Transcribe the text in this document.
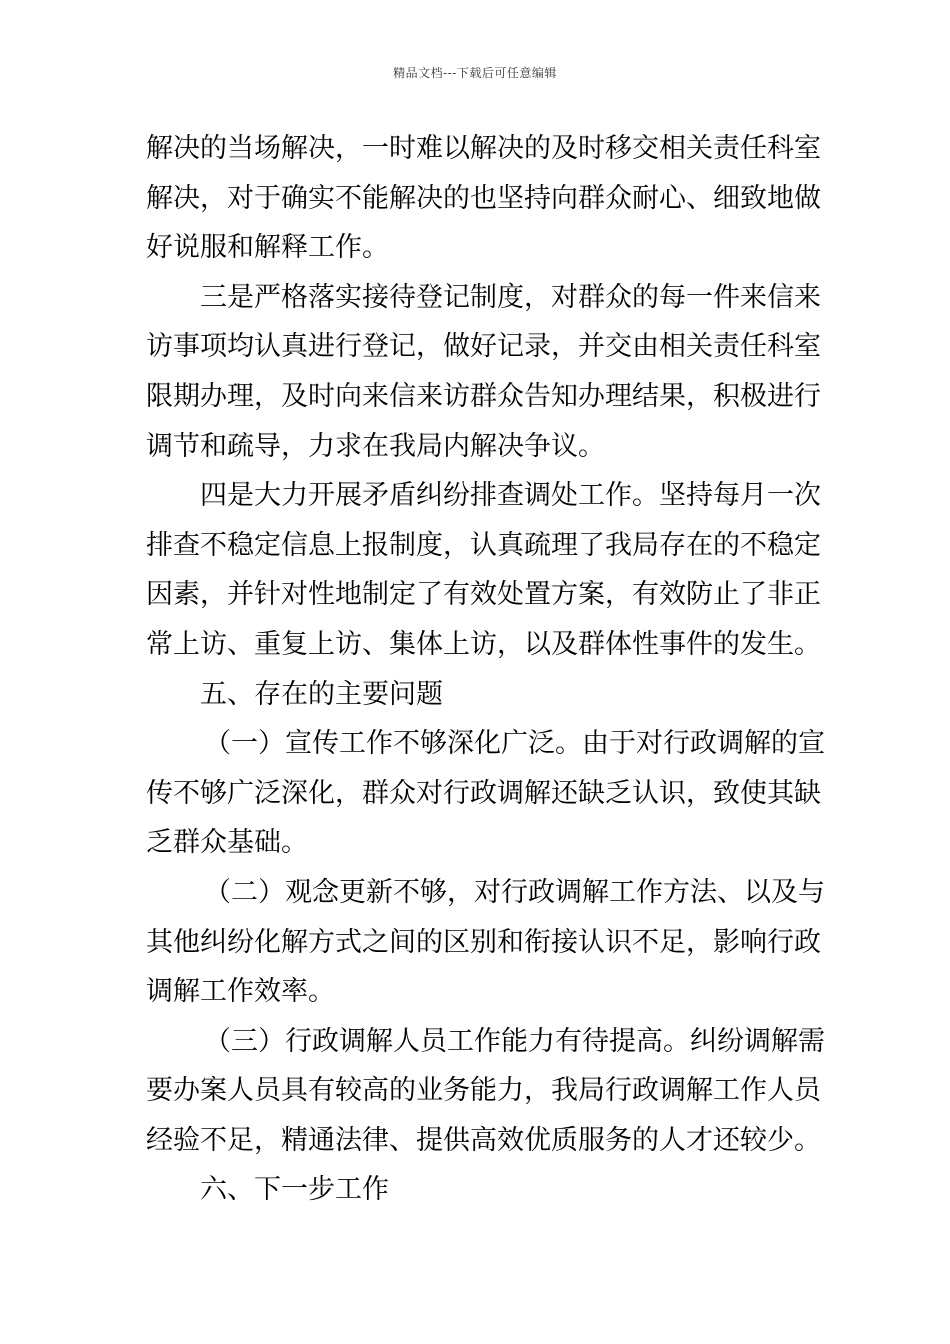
精品文档---下载后可任意编辑
解决的当场解决，一时难以解决的及时移交相关责任科室
解决，对于确实不能解决的也坚持向群众耐心、细致地做
好说服和解释工作。
三是严格落实接待登记制度，对群众的每一件来信来
访事项均认真进行登记，做好记录，并交由相关责任科室
限期办理，及时向来信来访群众告知办理结果，积极进行
调节和疏导，力求在我局内解决争议。
四是大力开展矛盾纠纷排查调处工作。坚持每月一次
排查不稳定信息上报制度，认真疏理了我局存在的不稳定
因素，并针对性地制定了有效处置方案，有效防止了非正
常上访、重复上访、集体上访，以及群体性事件的发生。
五、存在的主要问题
（一）宣传工作不够深化广泛。由于对行政调解的宣
传不够广泛深化，群众对行政调解还缺乏认识，致使其缺
乏群众基础。
（二）观念更新不够，对行政调解工作方法、以及与
其他纠纷化解方式之间的区别和衔接认识不足，影响行政
调解工作效率。
（三）行政调解人员工作能力有待提高。纠纷调解需
要办案人员具有较高的业务能力，我局行政调解工作人员
经验不足，精通法律、提供高效优质服务的人才还较少。
六、下一步工作
